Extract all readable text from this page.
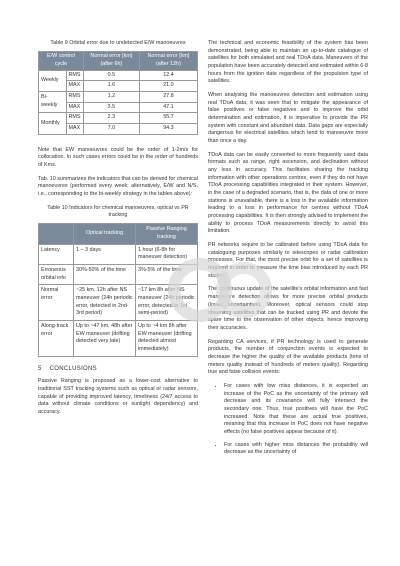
Table 9 Orbital error due to undetected E/W manoeuvres
E/W control cycle		Normal error [km] (after 6h)	Normal error [km] (after 12h)
Weekly	RMS	0.5	12.4
	MAX	1.6	21.0
Bi-weekly	RMS	1.2	27.8
	MAX	3.5	47.1
Monthly	RMS	2.3	55.7
	MAX	7.0	94.3

Note that EW manoeuvres could be the order of 1-2m/s for collocation. In such cases errors could be in the order of hundreds of Kms.

Tab. 10 summarizes the indicators that can be derived for chemical manoeuvres (performed every week: alternatively, E/W and N/S, i.e., corresponding to the bi-weekly strategy in the tables above):

Table 10 Indicators for chemical manoeuvres, optical vs PR tracking
	Optical tracking	Passive Ranging tracking
Latency	1 – 3 days	1 hour (6-8h for maneuver detection)
Erroneous orbital info	30%-50% of the time	3%-5% of the time
Normal error	~25 km, 12h after NS maneuver (24h periodic error, detected in 2nd-3rd period)	~17 km 8h after NS maneuver (24h periodic error, detected in 1st semi-period)
Along-track error	Up to ~47 km, 48h after EW maneuver (drifting detected very late)	Up to ~4 km 8h after EW maneuver (drifting detected almost immediately)
5 CONCLUSIONS

Passive Ranging is proposed as a lower-cost alternative to traditional SST tracking systems such as optical or radar sensors, capable of providing improved latency, timeliness (24/7 access to data without climate conditions or sunlight dependency) and accuracy.

The technical and economic feasibility of the system has been demonstrated, being able to maintain an up-to-date catalogue of satellites for both simulated and real TDoA data. Maneuvers of the population have been accurately detected and estimated within 6-8 hours from the ignition date regardless of the propulsion type of satellites.

When analysing the manoeuvres detection and estimation using real TDoA data, it was seen that to mitigate the appearance of false positives or false negatives and to improve the orbit determination and estimation, it is imperative to provide the PR system with constant and abundant data. Data gaps are especially dangerous for electrical satellites which tend to manoeuvre more than once a day.

TDoA data can be easily converted to more frequently used data formats such as range, right ascension, and declination without any loss in accuracy. This facilitates sharing the tracking information with other operations centres, even if they do not have TDoA processing capabilities integrated in their system. However, in the case of a degraded scenario, that is, the data of one or more stations is unavailable, there is a loss in the available information leading to a loss in performance for centres without TDoA processing capabilities. It is then strongly advised to implement the ability to process TDoA measurements directly to avoid this limitation.

PR networks require to be calibrated before using TDoA data for cataloguing purposes similarly to telescopes or radar calibration processes. For that, the most precise orbit for a set of satellites is required in order to measure the time bias introduced by each PR station.

The continuous update of the satellite's orbital information and fast manoeuvre detection allows for more precise orbital products (lower uncertainties). Moreover, optical sensors could stop observing satellites that can be tracked using PR and devote the spare time to the observation of other objects, hence improving their accuracies.

Regarding CA services, if PR technology is used to generate products, the number of conjunction events is expected to decrease the higher the quality of the available products (tens of meters quality instead of hundreds of meters quality). Regarding true and false collision events:

• For cases with low miss distances, it is expected an increase of the PoC as the uncertainty of the primary will decrease and its covariance will fully intersect the secondary one. Thus, true positives will have the PoC increased. Note that these are actual true positives, meaning that this increase in PoC does not have negative effects (no false positives appear because of it).
• For cases with higher miss distances the probability will decrease as the uncertainty of
